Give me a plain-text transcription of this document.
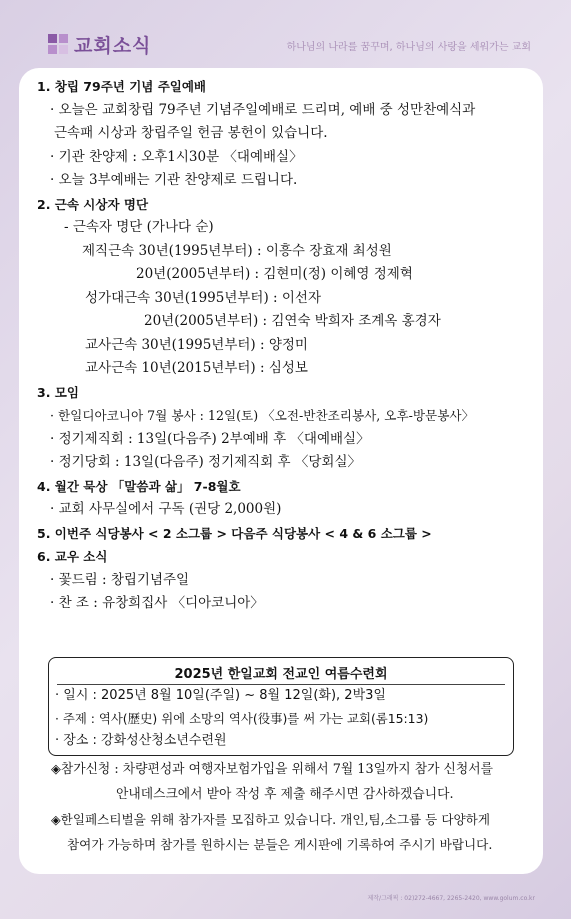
교회소식	하나님의 나라를 꿈꾸며, 하나님의 사랑을 세워가는 교회
1. 창립 79주년 기념 주일예배
· 오늘은 교회창립 79주년 기념주일예배로 드리며, 예배 중 성만찬예식과
근속패 시상과 창립주일 헌금 봉헌이 있습니다.
· 기관 찬양제 : 오후1시30분 〈대예배실〉
· 오늘 3부예배는 기관 찬양제로 드립니다.
2. 근속 시상자 명단
- 근속자 명단 (가나다 순)
제직근속 30년(1995년부터) : 이흥수 장효재 최성원
20년(2005년부터) : 김현미(정) 이혜영 정제혁
성가대근속 30년(1995년부터) : 이선자
20년(2005년부터) : 김연숙 박희자 조계옥 홍경자
교사근속 30년(1995년부터) : 양정미
교사근속 10년(2015년부터) : 심성보
3. 모임
· 한일디아코니아 7월 봉사 : 12일(토) 〈오전-반찬조리봉사, 오후-방문봉사〉
· 정기제직회 : 13일(다음주) 2부예배 후 〈대예배실〉
· 정기당회 : 13일(다음주) 정기제직회 후 〈당회실〉
4. 월간 묵상 「말씀과 삶」 7-8월호
· 교회 사무실에서 구독 (권당 2,000원)
5. 이번주 식당봉사 < 2 소그룹 > 다음주 식당봉사 < 4 & 6 소그룹 >
6. 교우 소식
· 꽃드림 : 창립기념주일
· 찬 조 : 유창희집사 〈디아코니아〉
2025년 한일교회 전교인 여름수련회
· 일시 : 2025년 8월 10일(주일) ~ 8월 12일(화), 2박3일
· 주제 : 역사(歷史) 위에 소망의 역사(役事)를 써 가는 교회(롬15:13)
· 장소 : 강화성산청소년수련원
◈참가신청 : 차량편성과 여행자보험가입을 위해서 7월 13일까지 참가 신청서를
안내데스크에서 받아 작성 후 제출 해주시면 감사하겠습니다.
◈한일페스티벌을 위해 참가자를 모집하고 있습니다. 개인,팀,소그룹 등 다양하게
참여가 가능하며 참가를 원하시는 분들은 게시판에 기록하여 주시기 바랍니다.
제작/그래픽 : 02)272-4667, 2265-2420, www.golum.co.kr
